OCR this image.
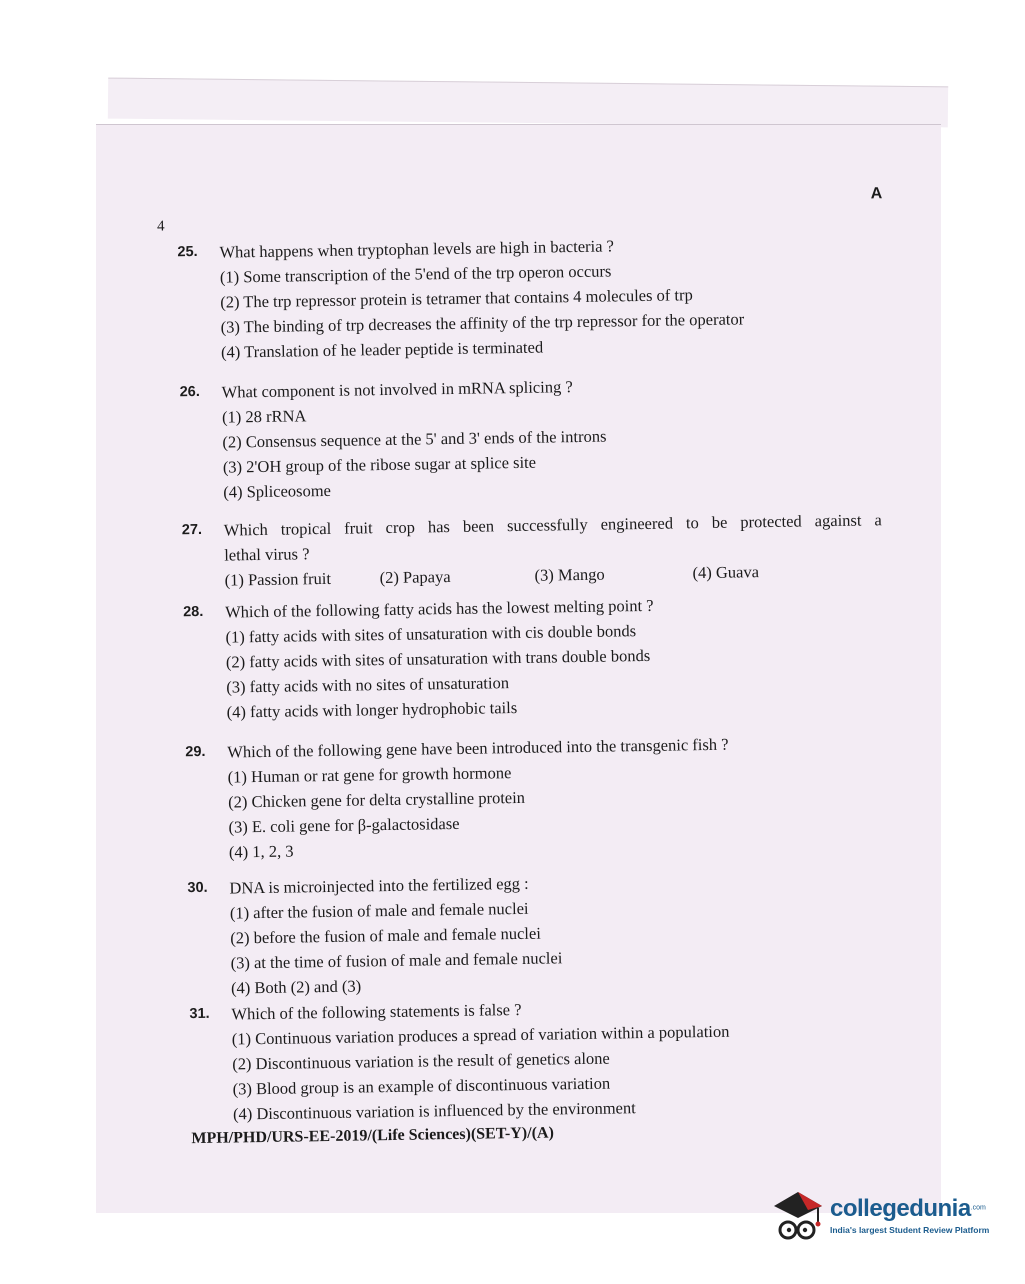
4
A
25.	What happens when tryptophan levels are high in bacteria ?
(1) Some transcription of the 5'end of the trp operon occurs
(2) The trp repressor protein is tetramer that contains 4 molecules of trp
(3) The binding of trp decreases the affinity of the trp repressor for the operator
(4) Translation of he leader peptide is terminated
26.	What component is not involved in mRNA splicing ?
(1) 28 rRNA
(2) Consensus sequence at the 5' and 3' ends of the introns
(3) 2'OH group of the ribose sugar at splice site
(4) Spliceosome
27.	Which tropical fruit crop has been successfully engineered to be protected against a
lethal virus ?
(1) Passion fruit	(2) Papaya	(3) Mango	(4) Guava
28.	Which of the following fatty acids has the lowest melting point ?
(1) fatty acids with sites of unsaturation with cis double bonds
(2) fatty acids with sites of unsaturation with trans double bonds
(3) fatty acids with no sites of unsaturation
(4) fatty acids with longer hydrophobic tails
29.	Which of the following gene have been introduced into the transgenic fish ?
(1) Human or rat gene for growth hormone
(2) Chicken gene for delta crystalline protein
(3) E. coli gene for β-galactosidase
(4) 1, 2, 3
30.	DNA is microinjected into the fertilized egg :
(1) after the fusion of male and female nuclei
(2) before the fusion of male and female nuclei
(3) at the time of fusion of male and female nuclei
(4) Both (2) and (3)
31.	Which of the following statements is false ?
(1) Continuous variation produces a spread of variation within a population
(2) Discontinuous variation is the result of genetics alone
(3) Blood group is an example of discontinuous variation
(4) Discontinuous variation is influenced by the environment
MPH/PHD/URS-EE-2019/(Life Sciences)(SET-Y)/(A)
collegedunia$^{.com}$
India's largest Student Review Platform
